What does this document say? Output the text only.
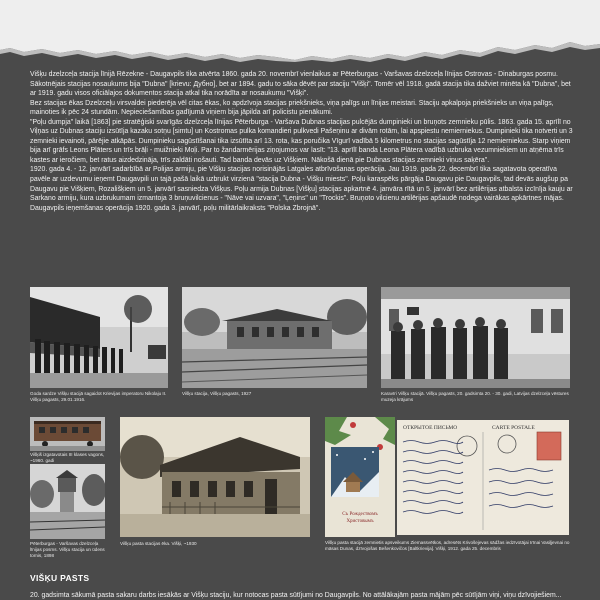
Višķu dzelzceļa stacija līnijā Rēzekne - Daugavpils tika atvērta 1860. gada 20. novembrī vienlaikus ar Pēterburgas - Varšavas dzelzceļa līnijas Ostrovas - Dinaburgas posmu. Sākotnējais stacijas nosaukums bija "Dubna" [krievu: Дубно], bet ar 1894. gadu to sāka dēvēt par staciju "Višķi". Tomēr vēl 1918. gadā stacija tika dažviet minēta kā "Dubna", bet ar 1919. gadu visos oficiālajos dokumentos stacija atkal tika norādīta ar nosaukumu "Višķi".

Bez stacijas ēkas Dzelzceļu virsvaldei piederēja vēl citas ēkas, ko apdzīvoja stacijas priekšnieks, viņa palīgs un līnijas meistari. Staciju apkalpoja priekšnieks un viņa palīgs, mainoties ik pēc 24 stundām. Nepieciešamības gadījumā viņiem bija jāpilda arī policistu pienākumi.

"Poļu dumpja" laikā [1863] pie stratēģiski svarīgās dzelzceļa līnijas Pēterburga - Varšava Dubnas stacijas pulcējās dumpinieki un bruņots zemnieku pūlis. 1863. gada 15. aprīlī no Viļņas uz Dubnas staciju izsūtīja kazaku sotņu [simtu] un Kostromas pulka komandieri pulkvedi Pašeņinu ar divām rotām, lai apspiestu nemierniekus. Dumpinieki tika notverti un 3 zemnieki ievainoti, pārējie atkāpās. Dumpinieku sagūstīšanai tika izsūtīta arī 13. rota, kas poručika Vīgurī vadībā 5 kilometrus no stacijas sagūstīja 12 nemierniekus. Starp viņiem bija arī grāfs Leons Plāters un trīs brāļi - muižnieki Moļi. Par to žandarmērijas ziņojumos var lasīt: "13. aprīlī banda Leona Plātera vadībā uzbruka vezumniekiem un atņēma trīs kastes ar ieročiem, bet ratus aizdedzināja, trīs zaldāti nošauti. Tad banda devās uz Višķiem. Nākošā dienā pie Dubnas stacijas zemnieki viņus saķēra".

1920. gada 4. - 12. janvārī sadarbībā ar Polijas armiju, pie Višķu stacijas norisinājās Latgales atbrīvošanas operācija. Jau 1919. gada 22. decembrī tika sagatavota operatīva pavēle ar uzdevumu ieņemt Daugavpili un tajā pašā laikā uzbrukt virzienā "stacija Dubna - Višķu miests". Poļu karaspēks pārgāja Daugavu pie Daugavpils, tad devās augšup pa Daugavu pie Višķiem, Rozališķiem un 5. janvārī sasniedza Višķus. Poļu armija Dubnas [Višķu] stacijas apkartnē 4. janvāra rītā un 5. janvārī bez artilērijas atbalsta izcīnīja kauju ar Sarkano armiju, kura uzbrukumam izmantoja 3 bruņuvilcienus - "Nāve vai uzvara", "Ļeņins" un "Trockis". Bruņoto vilcienu artilērijas apšaudē nodega vairākas apkārtnes mājas.

Daugavpils ieņemšanas operācija 1920. gada 3. janvārī, poļu militārlaikraksts "Polska Zbrojnā".

Goda sardze Višķu stacijā sagaidot Krievijas imperatoru Nikolaju II. Višķu pagasts, 29.01.1916.
Višķu stacija, Višķu pagasts, 1927	Karavīri Višķu stacijā. Višķu pagasts, 20. gadsimta 20. - 30. gadi, Latvijas dzelzceļa vēstures muzeja krājums
Višķiš izgatavotais III klases vagons, ~1960. gadi
Pēterburgas - Varšavas dzelzceļa līnijas posms. Višķu stacija un ūdens tornis, 1898
Višķu pasta stacijas ēka. Višķi, ~1930
Съ Рождествомъ
Христовымъ
ОТКРЫТОЕ ПИСЬМО	CARTE POSTALE
Višķu pasta stacijā zemnietis apsveikums Ziemassvētkos, adresēts Krivošejevas sādžas iedzīvotājai Irīnai Vasiļjevnai no māsas Dunas, dzīvojošas Bešenkovičos [Baltkrievija]. Višķi, 1912. gada 25. decembris
VIŠĶU PASTS
20. gadsimta sākumā pasta sakaru darbs iesākās ar Višķu staciju, kur notocas pasta sūtījumi no Daugavpils. No attālākajām pasta mājām pēc sūtījām viņi, viņu dzīvojiešiem...
